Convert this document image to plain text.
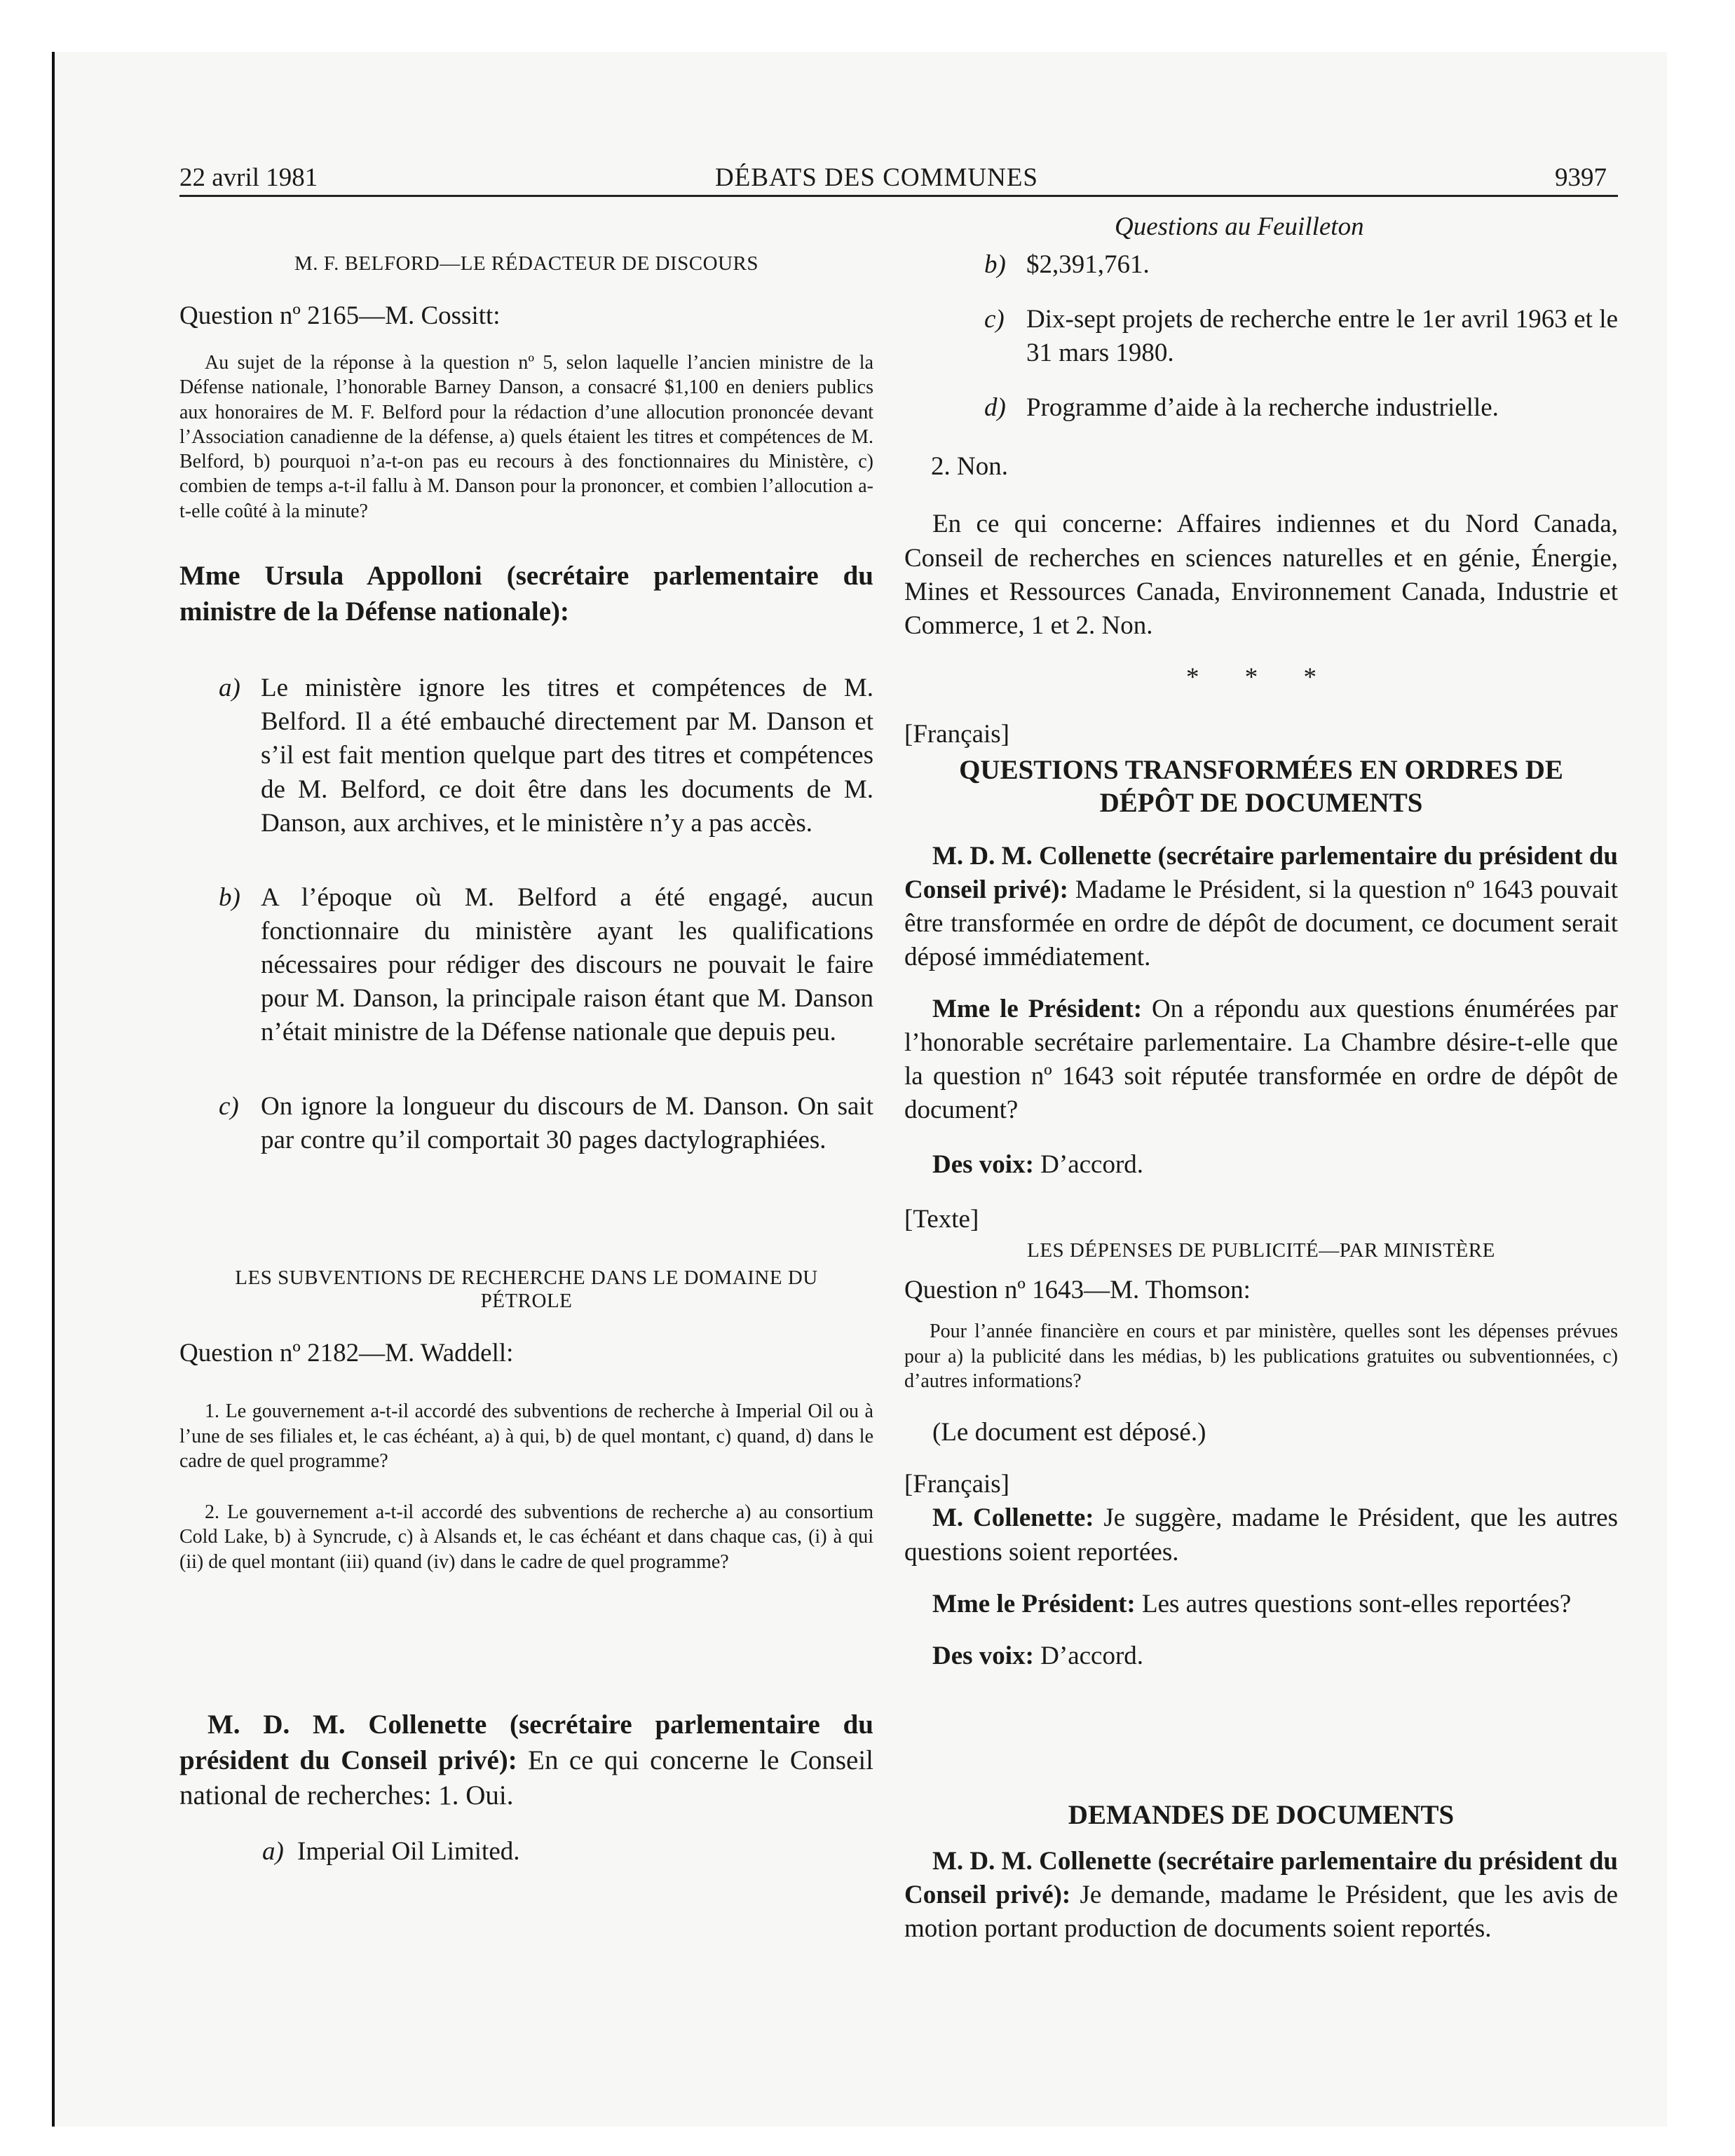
22 avril 1981	DÉBATS DES COMMUNES	9397
Questions au Feuilleton

M. F. BELFORD—LE RÉDACTEUR DE DISCOURS

Question nº 2165—M. Cossitt:

Au sujet de la réponse à la question nº 5, selon laquelle l’ancien ministre de la Défense nationale, l’honorable Barney Danson, a consacré $1,100 en deniers publics aux honoraires de M. F. Belford pour la rédaction d’une allocution prononcée devant l’Association canadienne de la défense, a) quels étaient les titres et compétences de M. Belford, b) pourquoi n’a-t-on pas eu recours à des fonctionnaires du Ministère, c) combien de temps a-t-il fallu à M. Danson pour la prononcer, et combien l’allocution a-t-elle coûté à la minute?

Mme Ursula Appolloni (secrétaire parlementaire du ministre de la Défense nationale):

a) Le ministère ignore les titres et compétences de M. Belford. Il a été embauché directement par M. Danson et s’il est fait mention quelque part des titres et compétences de M. Belford, ce doit être dans les documents de M. Danson, aux archives, et le ministère n’y a pas accès.
b) A l’époque où M. Belford a été engagé, aucun fonctionnaire du ministère ayant les qualifications nécessaires pour rédiger des discours ne pouvait le faire pour M. Danson, la principale raison étant que M. Danson n’était ministre de la Défense nationale que depuis peu.
c) On ignore la longueur du discours de M. Danson. On sait par contre qu’il comportait 30 pages dactylographiées.

LES SUBVENTIONS DE RECHERCHE DANS LE DOMAINE DU PÉTROLE

Question nº 2182—M. Waddell:

1. Le gouvernement a-t-il accordé des subventions de recherche à Imperial Oil ou à l’une de ses filiales et, le cas échéant, a) à qui, b) de quel montant, c) quand, d) dans le cadre de quel programme?

2. Le gouvernement a-t-il accordé des subventions de recherche a) au consortium Cold Lake, b) à Syncrude, c) à Alsands et, le cas échéant et dans chaque cas, (i) à qui (ii) de quel montant (iii) quand (iv) dans le cadre de quel programme?

M. D. M. Collenette (secrétaire parlementaire du président du Conseil privé): En ce qui concerne le Conseil national de recherches: 1. Oui.

a) Imperial Oil Limited.
b) $2,391,761.
c) Dix-sept projets de recherche entre le 1er avril 1963 et le 31 mars 1980.
d) Programme d’aide à la recherche industrielle.

2. Non.

En ce qui concerne: Affaires indiennes et du Nord Canada, Conseil de recherches en sciences naturelles et en génie, Énergie, Mines et Ressources Canada, Environnement Canada, Industrie et Commerce, 1 et 2. Non.

* * *

[Français]

QUESTIONS TRANSFORMÉES EN ORDRES DE DÉPÔT DE DOCUMENTS

M. D. M. Collenette (secrétaire parlementaire du président du Conseil privé): Madame le Président, si la question nº 1643 pouvait être transformée en ordre de dépôt de document, ce document serait déposé immédiatement.

Mme le Président: On a répondu aux questions énumérées par l’honorable secrétaire parlementaire. La Chambre désire-t-elle que la question nº 1643 soit réputée transformée en ordre de dépôt de document?

Des voix: D’accord.

[Texte]

LES DÉPENSES DE PUBLICITÉ—PAR MINISTÈRE

Question nº 1643—M. Thomson:

Pour l’année financière en cours et par ministère, quelles sont les dépenses prévues pour a) la publicité dans les médias, b) les publications gratuites ou subventionnées, c) d’autres informations?

(Le document est déposé.)

[Français]

M. Collenette: Je suggère, madame le Président, que les autres questions soient reportées.

Mme le Président: Les autres questions sont-elles reportées?

Des voix: D’accord.

DEMANDES DE DOCUMENTS

M. D. M. Collenette (secrétaire parlementaire du président du Conseil privé): Je demande, madame le Président, que les avis de motion portant production de documents soient reportés.
